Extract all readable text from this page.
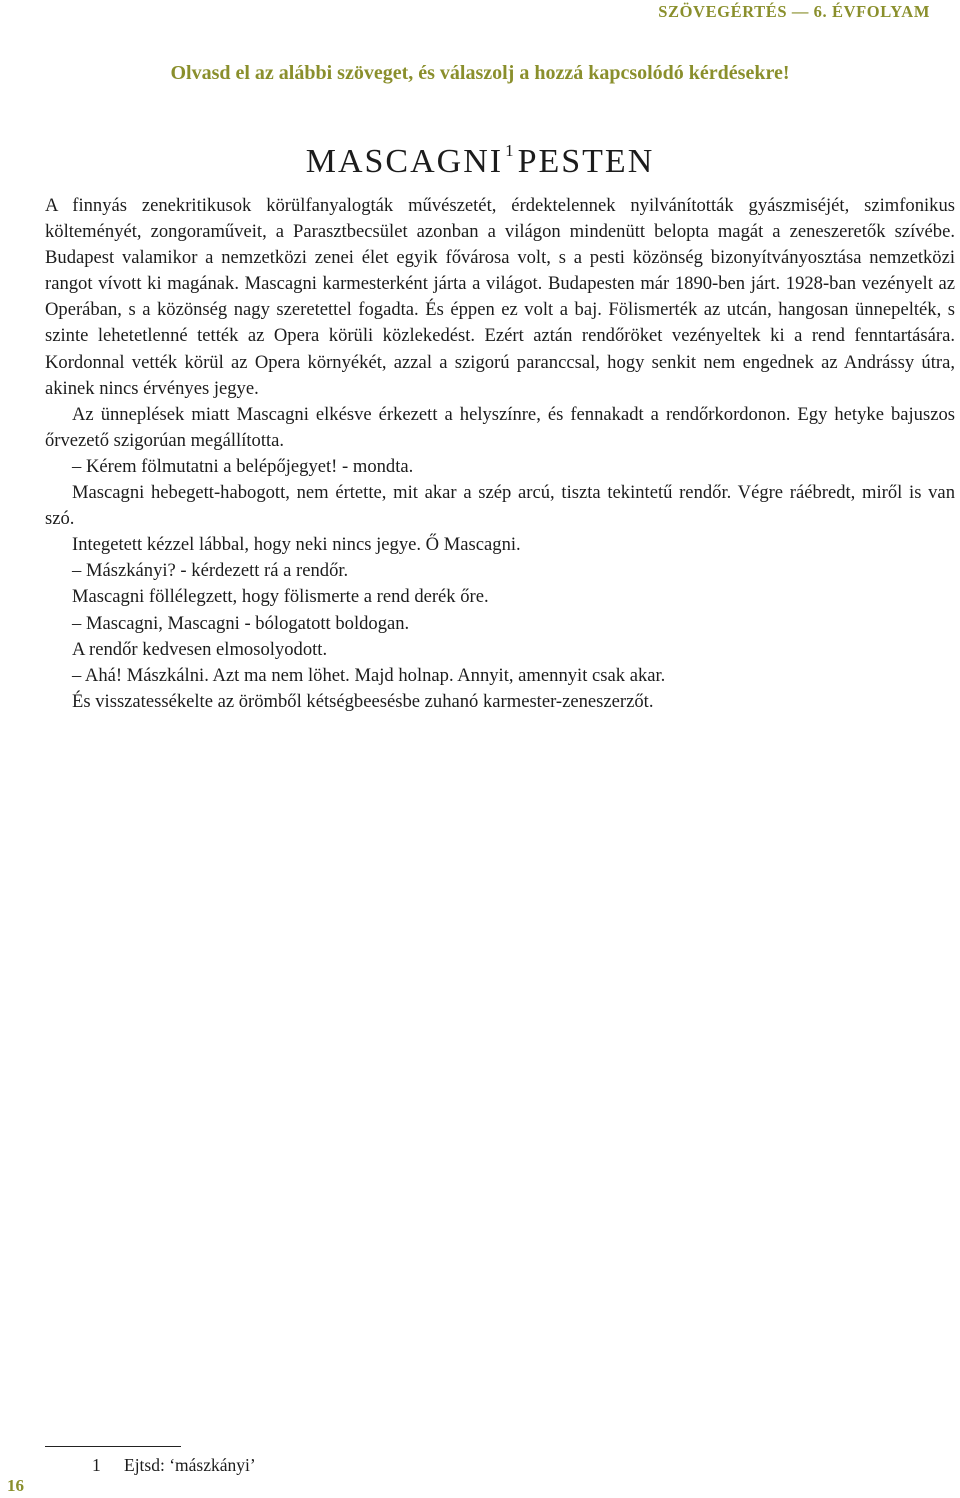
SZÖVEGÉRTÉS — 6. ÉVFOLYAM
Olvasd el az alábbi szöveget, és válaszolj a hozzá kapcsolódó kérdésekre!
MASCAGNI $^1$ PESTEN

A finnyás zenekritikusok körülfanyalogták művészetét, érdektelennek nyilvánították gyászmiséjét, szimfonikus költeményét, zongoraműveit, a Parasztbecsület azonban a világon mindenütt belopta magát a zeneszeretők szívébe. Budapest valamikor a nemzetközi zenei élet egyik fővárosa volt, s a pesti közönség bizonyítványosztása nemzetközi rangot vívott ki magának. Mascagni karmesterként járta a világot. Budapesten már 1890-ben járt. 1928-ban vezényelt az Operában, s a közönség nagy szeretettel fogadta. És éppen ez volt a baj. Fölismerték az utcán, hangosan ünnepelték, s szinte lehetetlenné tették az Opera körüli közlekedést. Ezért aztán rendőröket vezényeltek ki a rend fenntartására. Kordonnal vették körül az Opera környékét, azzal a szigorú paranccsal, hogy senkit nem engednek az Andrássy útra, akinek nincs érvényes jegye.

Az ünneplések miatt Mascagni elkésve érkezett a helyszínre, és fennakadt a rendőrkordonon. Egy hetyke bajuszos őrvezető szigorúan megállította.

– Kérem fölmutatni a belépőjegyet! - mondta.

Mascagni hebegett-habogott, nem értette, mit akar a szép arcú, tiszta tekintetű rendőr. Végre ráébredt, miről is van szó.

Integetett kézzel lábbal, hogy neki nincs jegye. Ő Mascagni.

– Mászkányi? - kérdezett rá a rendőr.

Mascagni föllélegzett, hogy fölismerte a rend derék őre.

– Mascagni, Mascagni - bólogatott boldogan.

A rendőr kedvesen elmosolyodott.

– Ahá! Mászkálni. Azt ma nem löhet. Majd holnap. Annyit, amennyit csak akar.

És visszatessékelte az örömből kétségbeesésbe zuhanó karmester-zeneszerzőt.

1 Ejtsd: ‘mászkányi’
16
